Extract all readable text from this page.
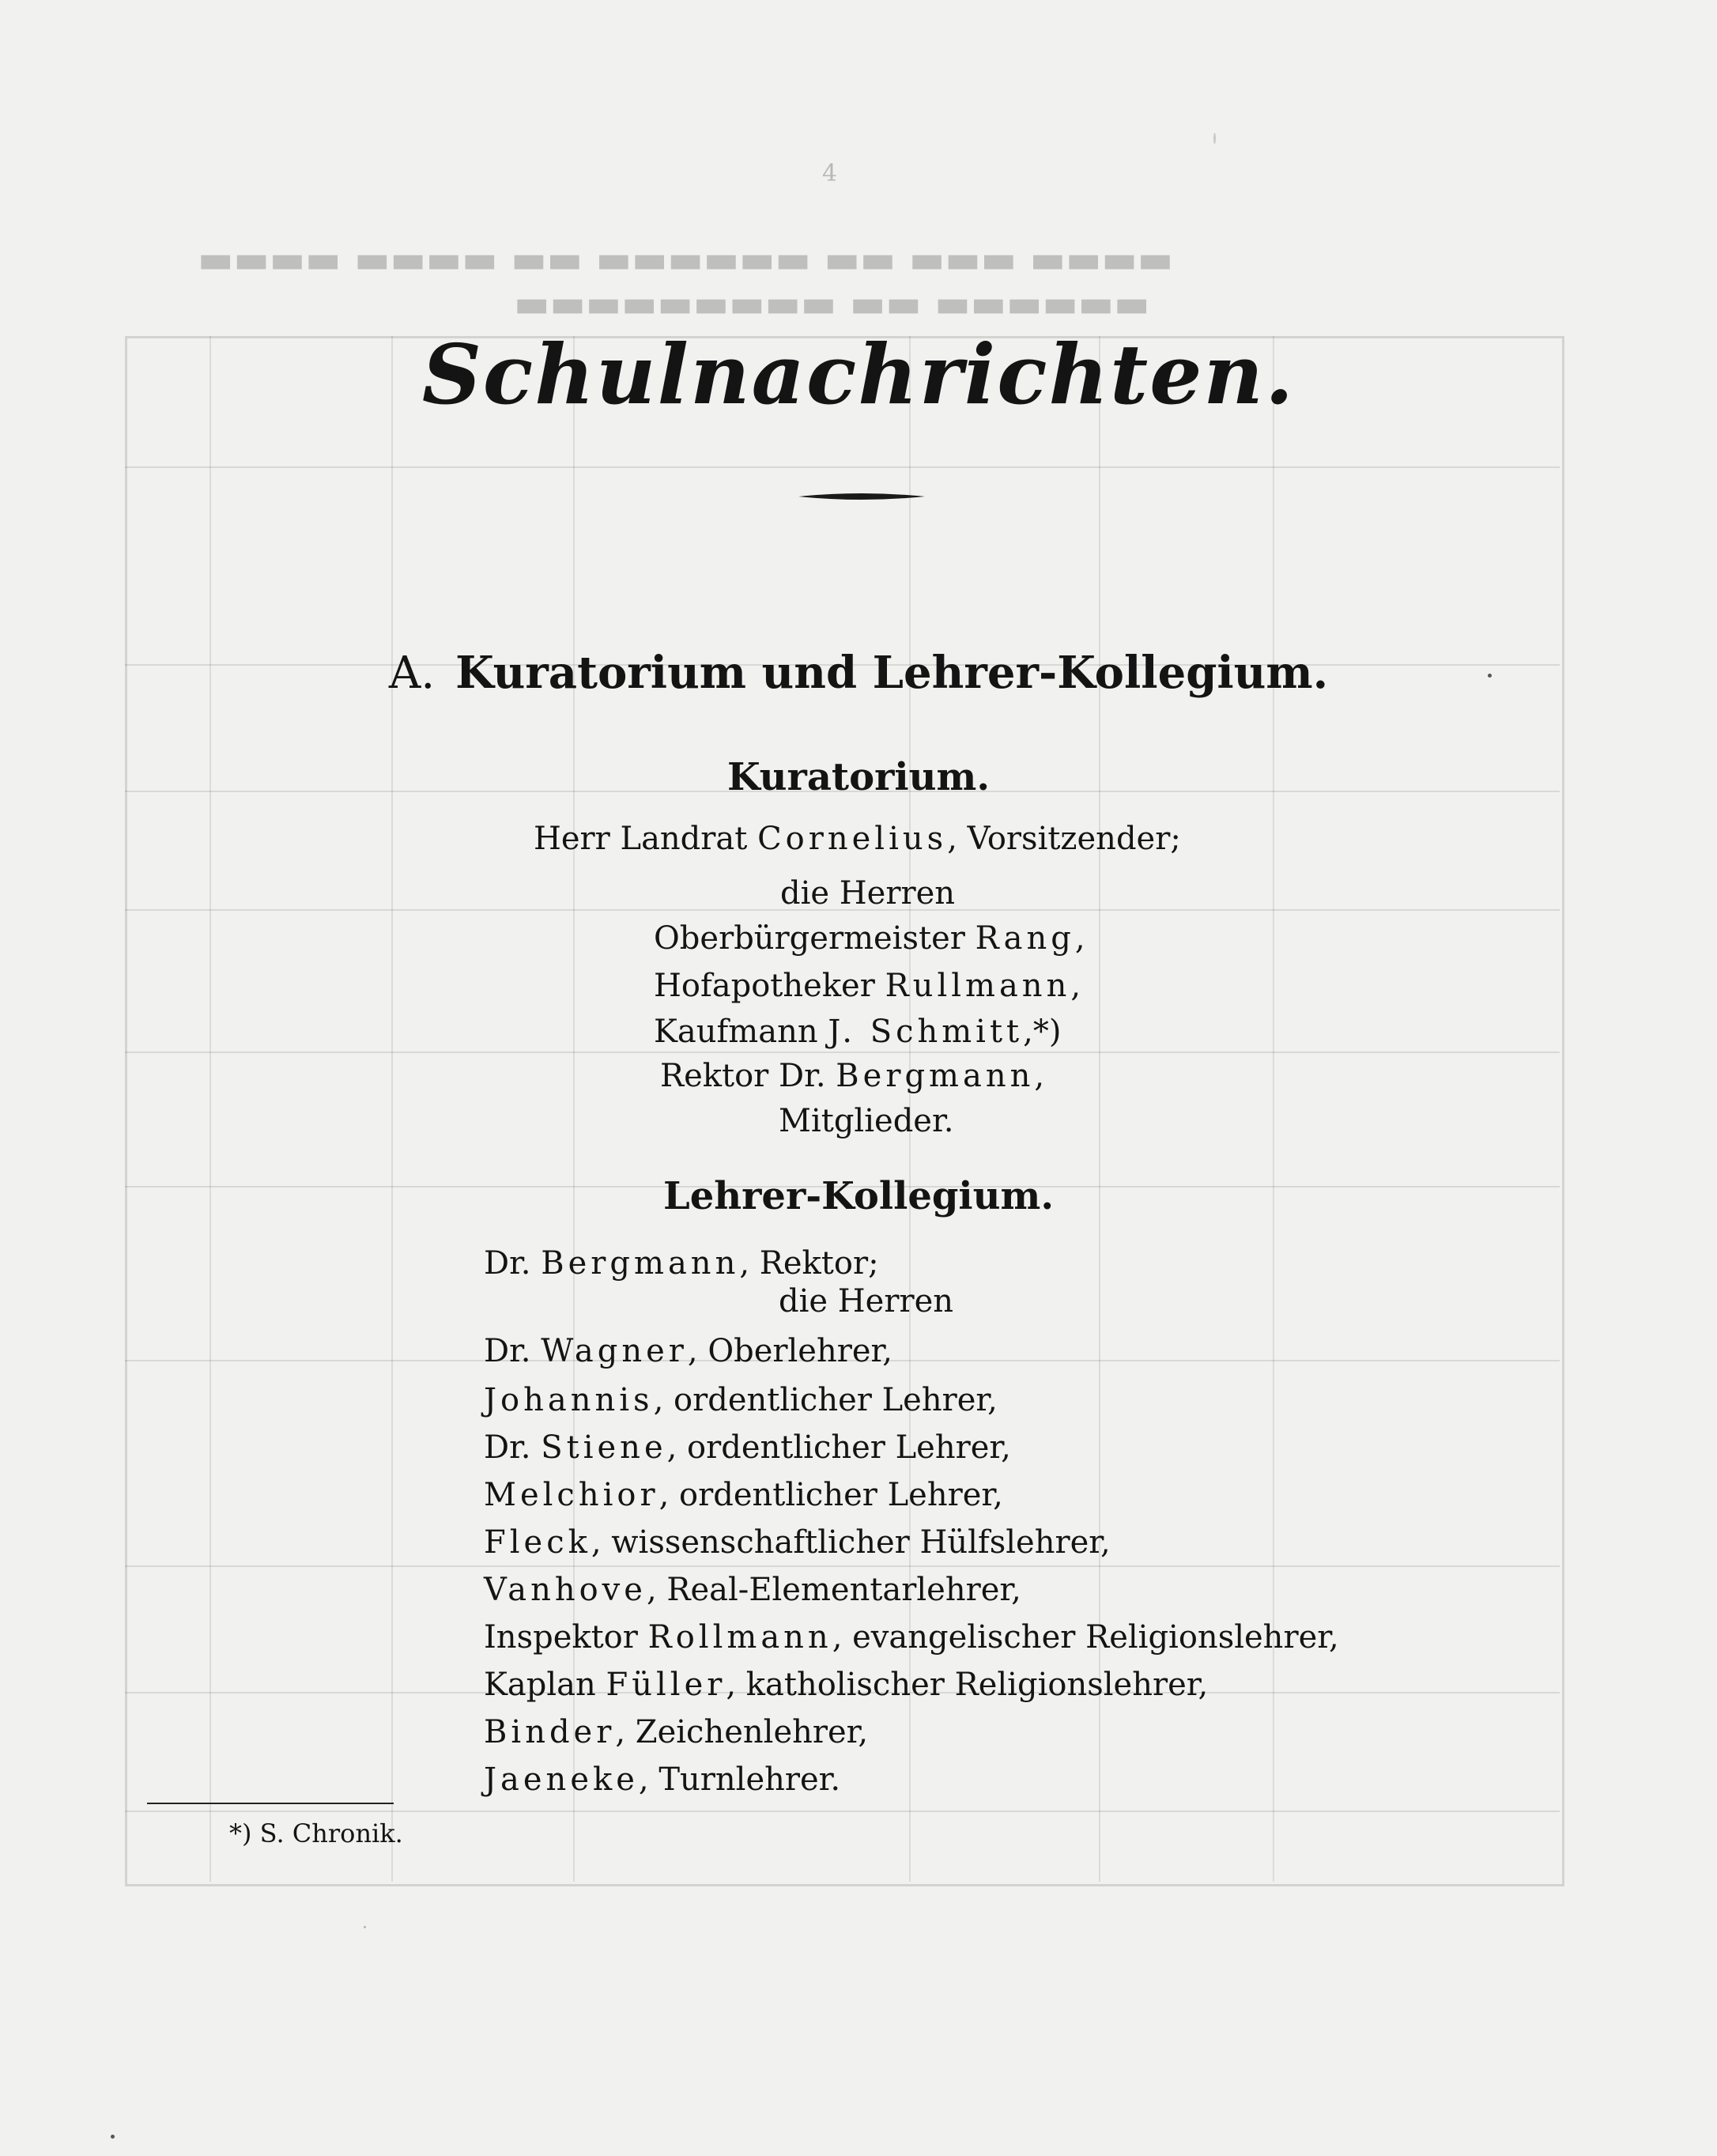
▬▬▬▬ ▬▬▬ ▬▬ ▬▬▬▬▬▬ ▬▬ ▬▬▬▬ ▬▬▬▬
▬▬▬▬▬▬ ▬▬ ▬▬▬▬▬▬▬▬▬
4
Schulnachrichten.
A. Kuratorium und Lehrer-Kollegium.
Kuratorium.
Herr Landrat Cornelius, Vorsitzender;
die Herren
Oberbürgermeister Rang,
Hofapotheker Rullmann,
Kaufmann J. Schmitt,*)
Rektor Dr. Bergmann,
Mitglieder.
Lehrer-Kollegium.
Dr. Bergmann, Rektor;
die Herren
Dr. Wagner, Oberlehrer,
Johannis, ordentlicher Lehrer,
Dr. Stiene, ordentlicher Lehrer,
Melchior, ordentlicher Lehrer,
Fleck, wissenschaftlicher Hülfslehrer,
Vanhove, Real-Elementarlehrer,
Inspektor Rollmann, evangelischer Religionslehrer,
Kaplan Füller, katholischer Religionslehrer,
Binder, Zeichenlehrer,
Jaeneke, Turnlehrer.
*) S. Chronik.
